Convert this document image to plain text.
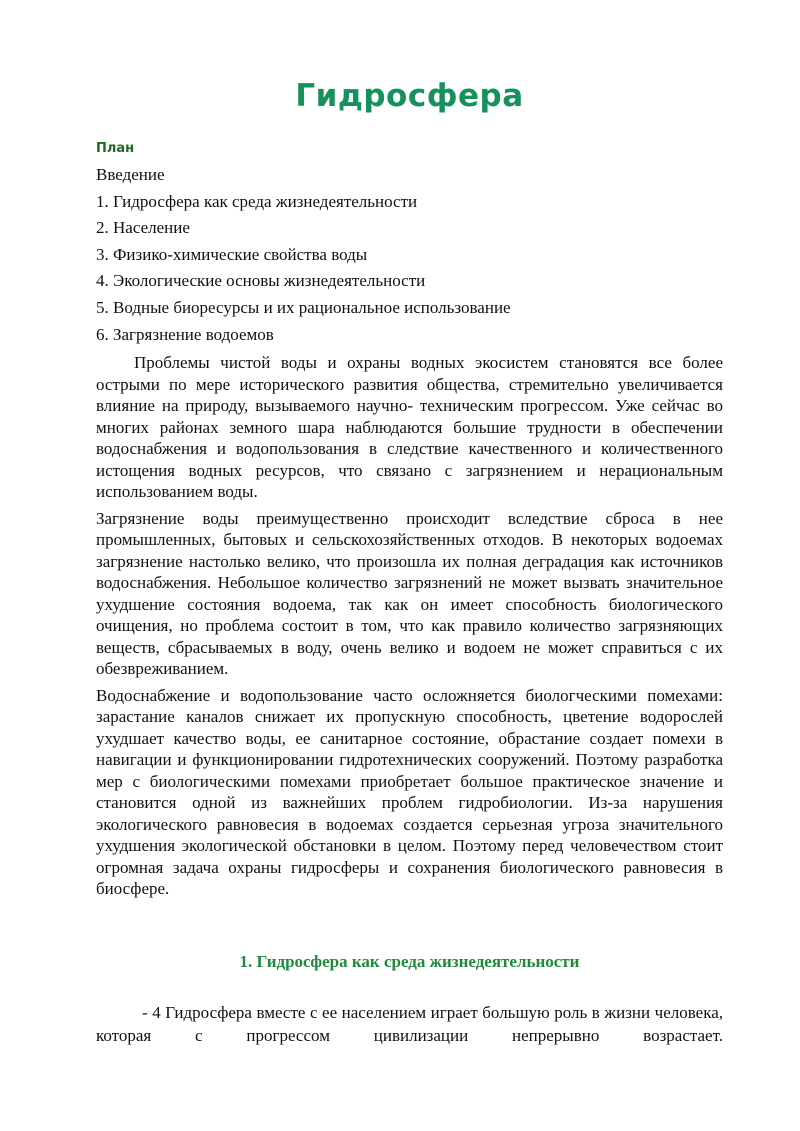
Гидросфера
План
Введение
1. Гидросфера как среда жизнедеятельности
2. Население
3. Физико-химические свойства воды
4. Экологические основы жизнедеятельности
5. Водные биоресурсы и их рациональное использование
6. Загрязнение водоемов

Проблемы чистой воды и охраны водных экосистем становятся все более острыми по мере исторического развития общества, стремительно увеличивается влияние на природу, вызываемого научно- техническим прогрессом. Уже сейчас во многих районах земного шара наблюдаются большие трудности в обеспечении водоснабжения и водопользования в следствие качественного и количественного истощения водных ресурсов, что связано с загрязнением и нерациональным использованием воды.

Загрязнение воды преимущественно происходит вследствие сброса в нее промышленных, бытовых и сельскохозяйственных отходов. В некоторых водоемах загрязнение настолько велико, что произошла их полная деградация как источников водоснабжения. Небольшое количество загрязнений не может вызвать значительное ухудшение состояния водоема, так как он имеет способность биологического очищения, но проблема состоит в том, что как правило количество загрязняющих веществ, сбрасываемых в воду, очень велико и водоем не может справиться с их обезвреживанием.

Водоснабжение и водопользование часто осложняется биологческими помехами: зарастание каналов снижает их пропускную способность, цветение водорослей ухудшает качество воды, ее санитарное состояние, обрастание создает помехи в навигации и функционировании гидротехнических сооружений. Поэтому разработка мер с биологическими помехами приобретает большое практическое значение и становится одной из важнейших проблем гидробиологии. Из-за нарушения экологического равновесия в водоемах создается серьезная угроза значительного ухудшения экологической обстановки в целом. Поэтому перед человечеством стоит огромная задача охраны гидросферы и сохранения биологического равновесия в биосфере.

1. Гидросфера как среда жизнедеятельности

- 4 Гидросфера вместе с ее населением играет большую роль в жизни человека, которая с прогрессом цивилизации непрерывно возрастает.
